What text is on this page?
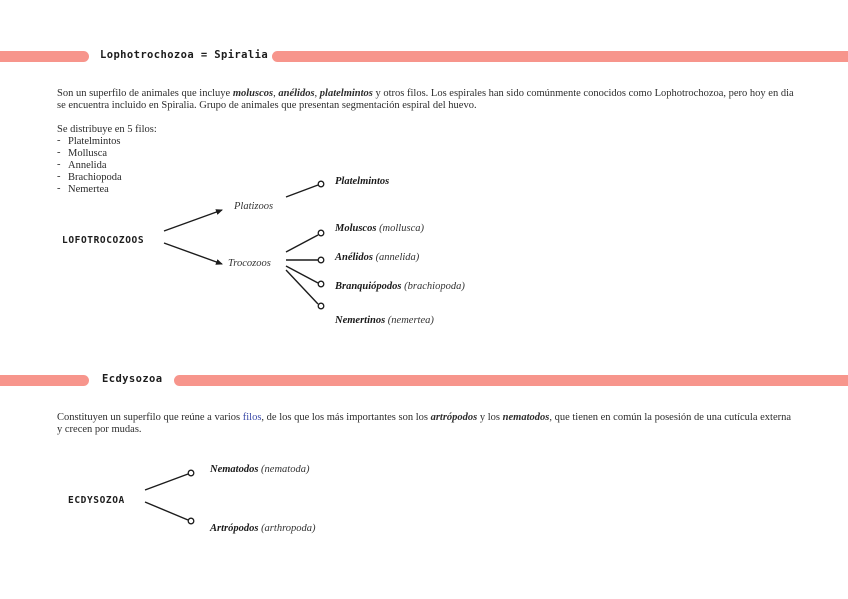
Lophotrochozoa = Spiralia
Son un superfilo de animales que incluye moluscos, anélidos, platelmintos y otros filos. Los espirales han sido comúnmente conocidos como Lophotrochozoa, pero hoy en dia se encuentra incluido en Spiralia. Grupo de animales que presentan segmentación espiral del huevo.
Se distribuye en 5 filos:
- Platelmintos
- Mollusca
- Annelida
- Brachiopoda
- Nemertea
LOFOTROCOZOOS
Platizoos
Trocozoos
Platelmintos
Moluscos (mollusca)
Anélidos (annelida)
Branquiópodos (brachiopoda)
Nemertinos (nemertea)
Ecdysozoa
Constituyen un superfilo que reúne a varios filos, de los que los más importantes son los artrópodos y los nematodos, que tienen en común la posesión de una cutícula externa y crecen por mudas.
ECDYSOZOA
Nematodos (nematoda)
Artrópodos (arthropoda)
